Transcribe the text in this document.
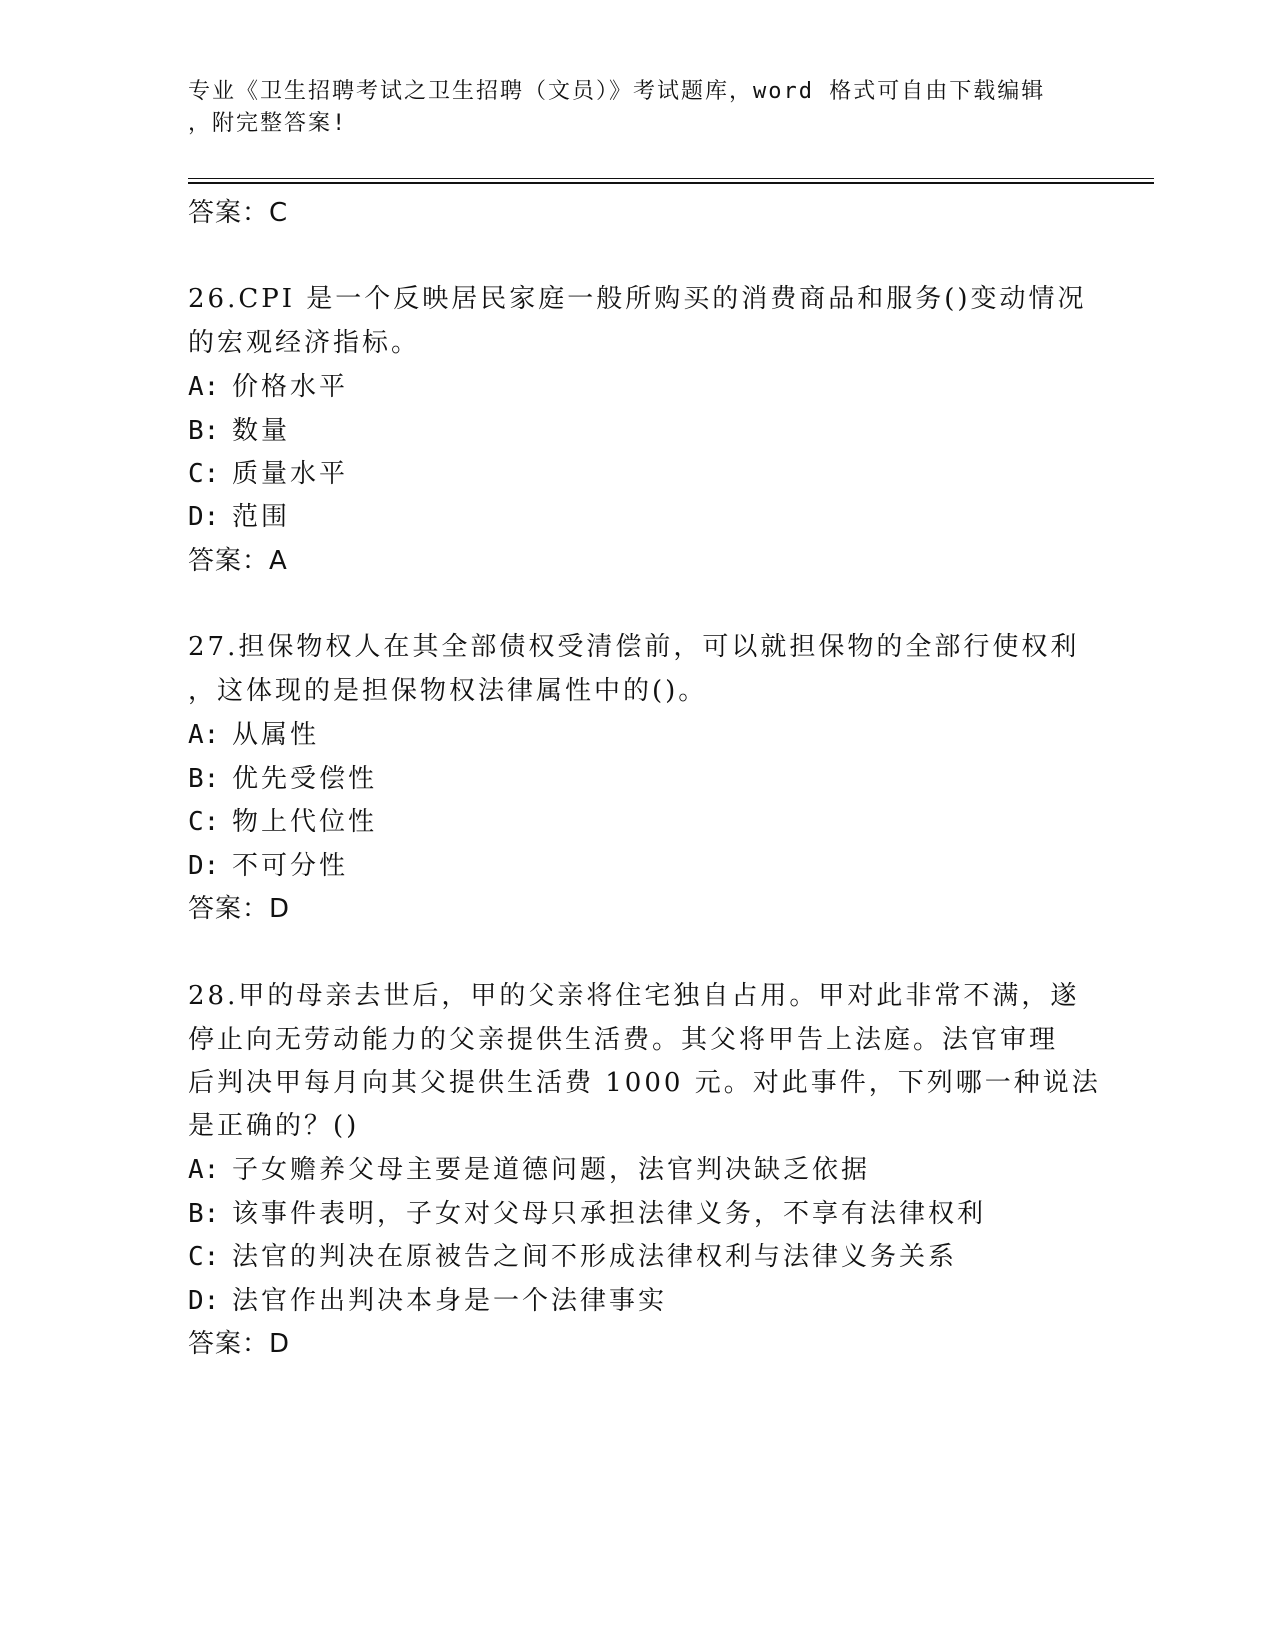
专业《卫生招聘考试之卫生招聘（文员）》考试题库，word 格式可自由下载编辑
，附完整答案!
答案：C
26.CPI 是一个反映居民家庭一般所购买的消费商品和服务()变动情况
的宏观经济指标。
A: 价格水平
B: 数量
C: 质量水平
D: 范围
答案：A
27.担保物权人在其全部债权受清偿前，可以就担保物的全部行使权利
，这体现的是担保物权法律属性中的()。
A: 从属性
B: 优先受偿性
C: 物上代位性
D: 不可分性
答案：D
28.甲的母亲去世后，甲的父亲将住宅独自占用。甲对此非常不满，遂
停止向无劳动能力的父亲提供生活费。其父将甲告上法庭。法官审理
后判决甲每月向其父提供生活费 1000 元。对此事件，下列哪一种说法
是正确的？()
A: 子女赡养父母主要是道德问题，法官判决缺乏依据
B: 该事件表明，子女对父母只承担法律义务，不享有法律权利
C: 法官的判决在原被告之间不形成法律权利与法律义务关系
D: 法官作出判决本身是一个法律事实
答案：D
